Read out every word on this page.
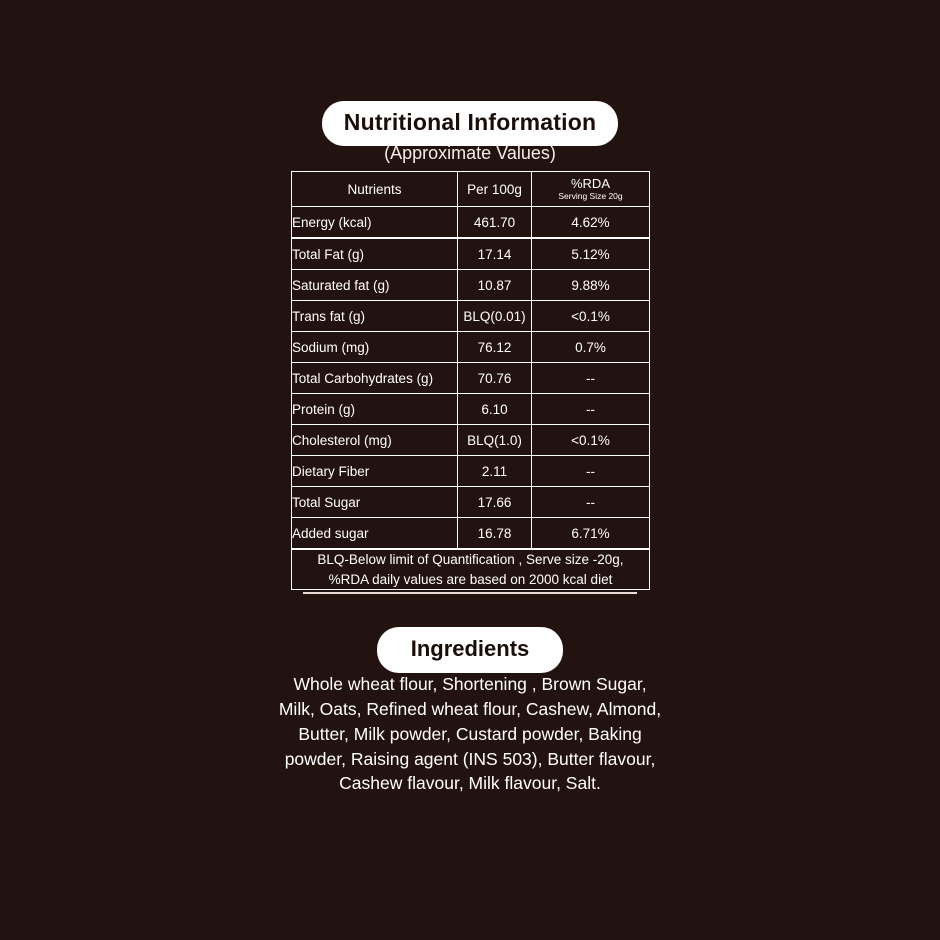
Nutritional Information
(Approximate Values)
Nutrients	Per 100g	%RDA
Serving Size 20g

Energy (kcal)	461.70	4.62%
Total Fat (g)	17.14	5.12%
Saturated fat (g)	10.87	9.88%
Trans fat (g)	BLQ(0.01)	<0.1%
Sodium (mg)	76.12	0.7%
Total Carbohydrates (g)	70.76	--
Protein (g)	6.10	--
Cholesterol (mg)	BLQ(1.0)	<0.1%
Dietary Fiber	2.11	--
Total Sugar	17.66	--
Added sugar	16.78	6.71%
BLQ-Below limit of Quantification , Serve size -20g,
%RDA daily values are based on 2000 kcal diet		
Ingredients
Whole wheat flour, Shortening , Brown Sugar,
Milk, Oats, Refined wheat flour, Cashew, Almond,
Butter, Milk powder, Custard powder, Baking
powder, Raising agent (INS 503), Butter flavour,
Cashew flavour, Milk flavour, Salt.
